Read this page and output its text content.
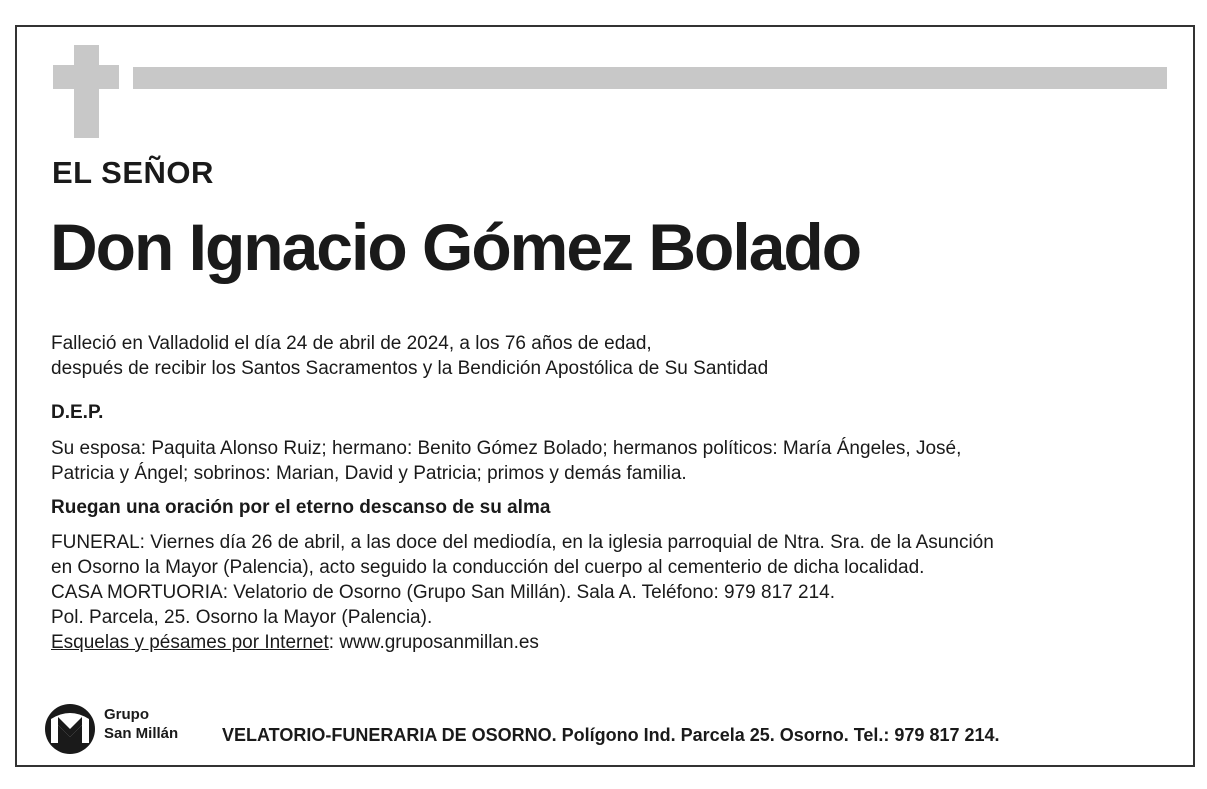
EL SEÑOR
Don Ignacio Gómez Bolado
Falleció en Valladolid el día 24 de abril de 2024, a los 76 años de edad,
después de recibir los Santos Sacramentos y la Bendición Apostólica de Su Santidad
D.E.P.
Su esposa: Paquita Alonso Ruiz; hermano: Benito Gómez Bolado; hermanos políticos: María Ángeles, José,
Patricia y Ángel; sobrinos: Marian, David y Patricia; primos y demás familia.
Ruegan una oración por el eterno descanso de su alma
FUNERAL: Viernes día 26 de abril, a las doce del mediodía, en la iglesia parroquial de Ntra. Sra. de la Asunción
en Osorno la Mayor (Palencia), acto seguido la conducción del cuerpo al cementerio de dicha localidad.
CASA MORTUORIA: Velatorio de Osorno (Grupo San Millán). Sala A. Teléfono: 979 817 214.
Pol. Parcela, 25. Osorno la Mayor (Palencia).
Esquelas y pésames por Internet: www.gruposanmillan.es
Grupo
San Millán VELATORIO-FUNERARIA DE OSORNO. Polígono Ind. Parcela 25. Osorno. Tel.: 979 817 214.
